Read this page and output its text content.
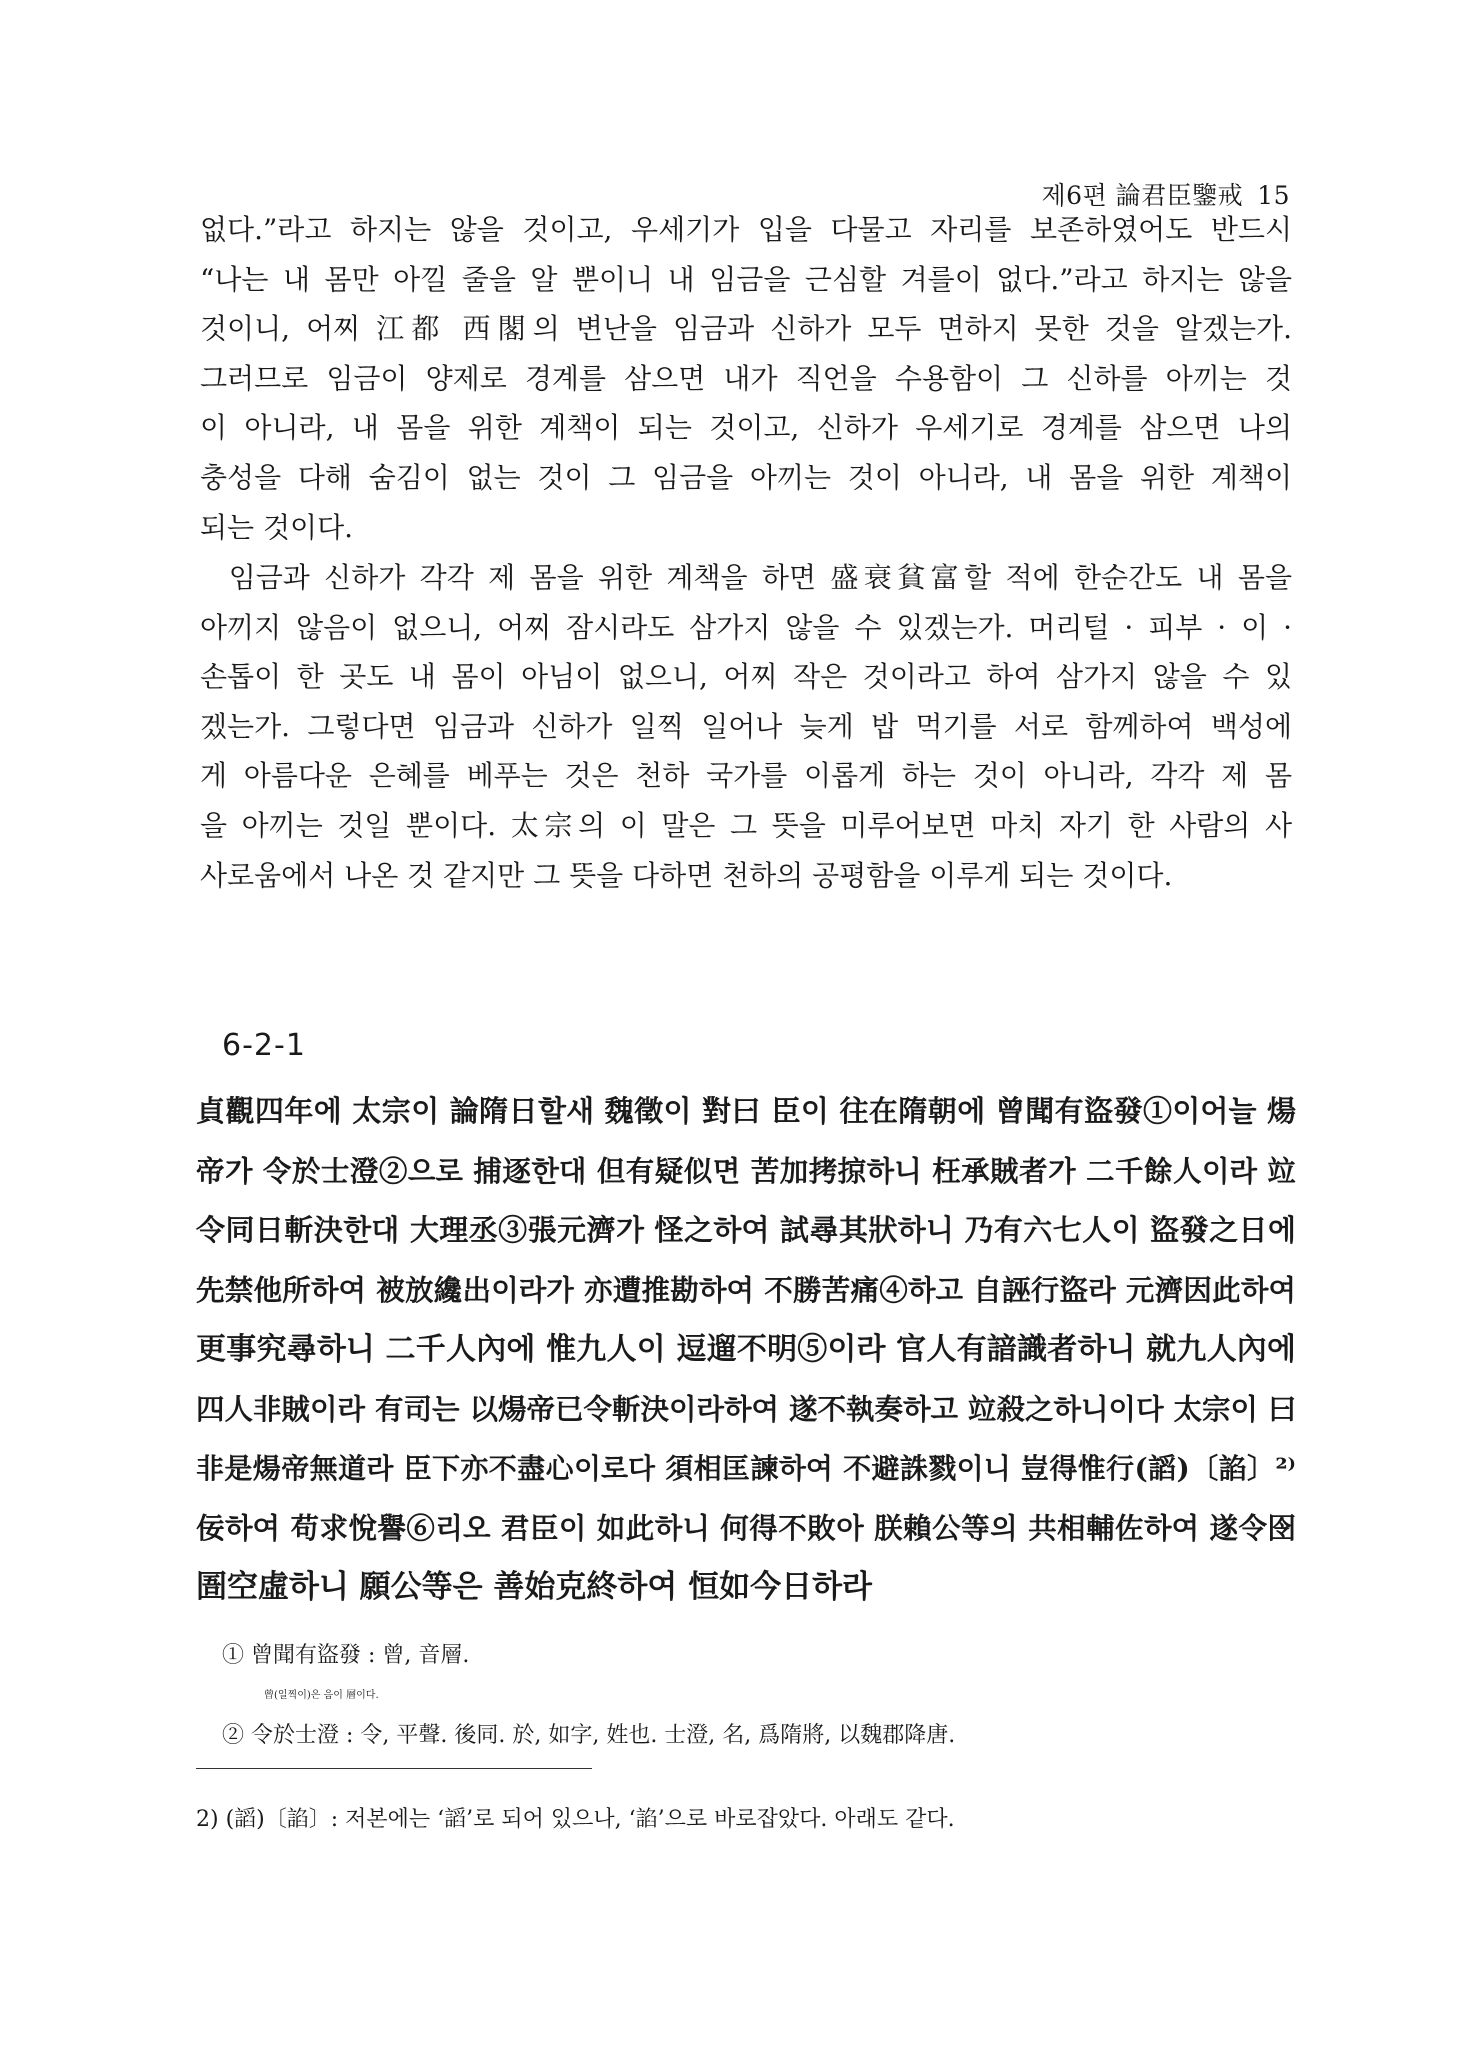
제6편 論君臣鑒戒 15
없다.”라고 하지는 않을 것이고, 우세기가 입을 다물고 자리를 보존하였어도 반드시
“나는 내 몸만 아낄 줄을 알 뿐이니 내 임금을 근심할 겨를이 없다.”라고 하지는 않을
것이니, 어찌 江都 西閣의 변난을 임금과 신하가 모두 면하지 못한 것을 알겠는가.
그러므로 임금이 양제로 경계를 삼으면 내가 직언을 수용함이 그 신하를 아끼는 것
이 아니라, 내 몸을 위한 계책이 되는 것이고, 신하가 우세기로 경계를 삼으면 나의
충성을 다해 숨김이 없는 것이 그 임금을 아끼는 것이 아니라, 내 몸을 위한 계책이
되는 것이다.
임금과 신하가 각각 제 몸을 위한 계책을 하면 盛衰貧富할 적에 한순간도 내 몸을
아끼지 않음이 없으니, 어찌 잠시라도 삼가지 않을 수 있겠는가. 머리털 · 피부 · 이 ·
손톱이 한 곳도 내 몸이 아님이 없으니, 어찌 작은 것이라고 하여 삼가지 않을 수 있
겠는가. 그렇다면 임금과 신하가 일찍 일어나 늦게 밥 먹기를 서로 함께하여 백성에
게 아름다운 은혜를 베푸는 것은 천하 국가를 이롭게 하는 것이 아니라, 각각 제 몸
을 아끼는 것일 뿐이다. 太宗의 이 말은 그 뜻을 미루어보면 마치 자기 한 사람의 사
사로움에서 나온 것 같지만 그 뜻을 다하면 천하의 공평함을 이루게 되는 것이다.
6-2-1
貞觀四年에 太宗이 論隋日할새 魏徵이 對曰 臣이 往在隋朝에 曾聞有盜發①이어늘 煬
帝가 令於士澄②으로 捕逐한대 但有疑似면 苦加拷掠하니 枉承賊者가 二千餘人이라 竝
令同日斬決한대 大理丞③張元濟가 怪之하여 試尋其狀하니 乃有六七人이 盜發之日에
先禁他所하여 被放纔出이라가 亦遭推勘하여 不勝苦痛④하고 自誣行盜라 元濟因此하여
更事究尋하니 二千人內에 惟九人이 逗遛不明⑤이라 官人有諳識者하니 就九人內에
四人非賊이라 有司는 以煬帝已令斬決이라하여 遂不執奏하고 竝殺之하니이다 太宗이 曰
非是煬帝無道라 臣下亦不盡心이로다 須相匡諫하여 不避誅戮이니 豈得惟行(謟)〔諂〕²⁾
佞하여 苟求悅譽⑥리오 君臣이 如此하니 何得不敗아 朕賴公等의 共相輔佐하여 遂令囹
圄空虛하니 願公等은 善始克終하여 恒如今日하라
① 曾聞有盜發 : 曾, 音層.
曾(일찍이)은 음이 層이다.
② 令於士澄 : 令, 平聲. 後同. 於, 如字, 姓也. 士澄, 名, 爲隋將, 以魏郡降唐.
2) (謟)〔諂〕: 저본에는 ‘謟’로 되어 있으나, ‘諂’으로 바로잡았다. 아래도 같다.
